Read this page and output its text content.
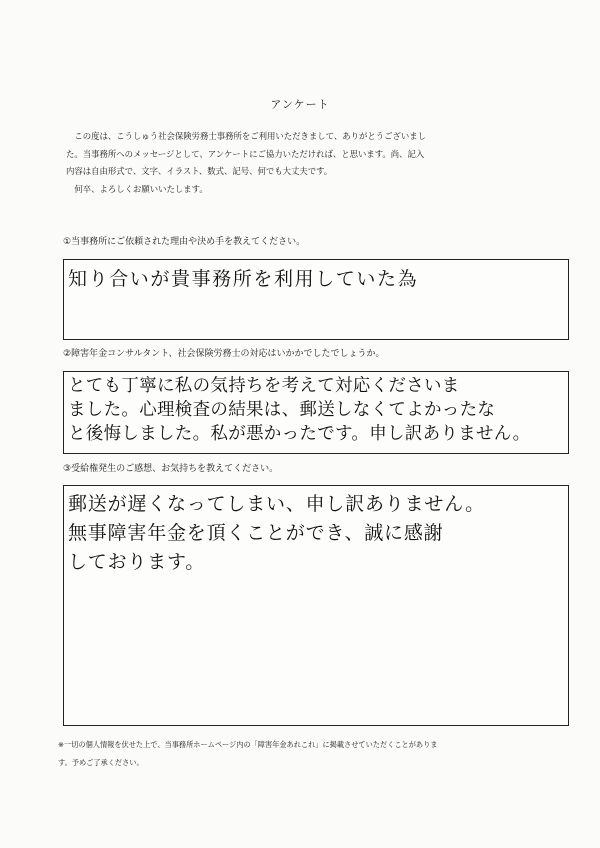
アンケート
　この度は、こうしゅう社会保険労務士事務所をご利用いただきまして、ありがとうございまし
た。当事務所へのメッセージとして、アンケートにご協力いただければ、と思います。尚、記入
内容は自由形式で、文字、イラスト、数式、記号、何でも大丈夫です。
　何卒、よろしくお願いいたします。
①当事務所にご依頼された理由や決め手を教えてください。
知り合いが貴事務所を利用していた為
②障害年金コンサルタント、社会保険労務士の対応はいかかでしたでしょうか。
とても丁寧に私の気持ちを考えて対応くださいま
ました。心理検査の結果は、郵送しなくてよかったな
と後悔しました。私が悪かったです。申し訳ありません。
③受給権発生のご感想、お気持ちを教えてください。
郵送が遅くなってしまい、申し訳ありません。
無事障害年金を頂くことができ、誠に感謝
しております。
※一切の個人情報を伏せた上で、当事務所ホームページ内の「障害年金あれこれ」に掲載させていただくことがありま
す。予めご了承ください。
